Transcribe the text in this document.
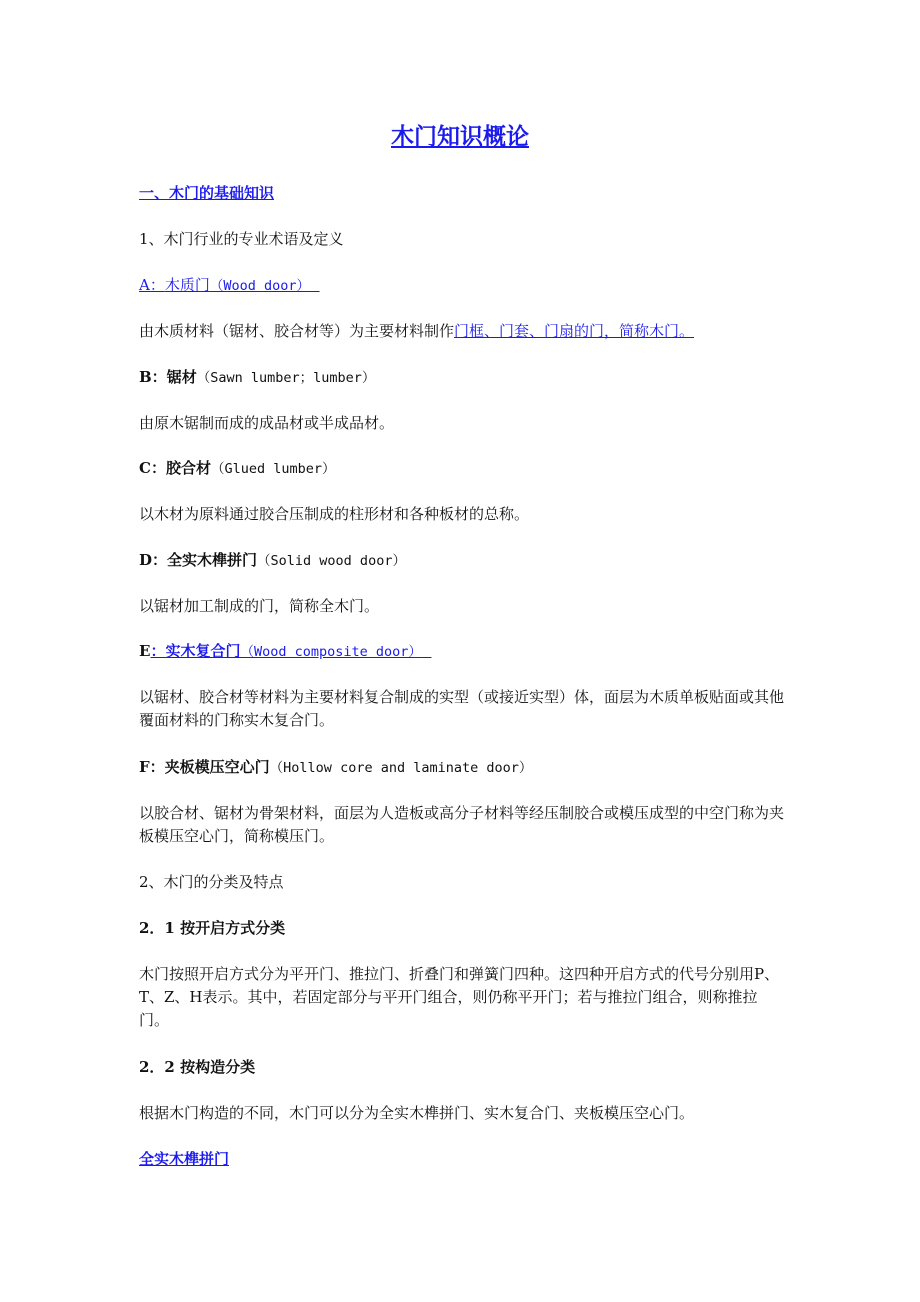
木门知识概论
一、木门的基础知识
1、木门行业的专业术语及定义
A：木质门（Wood door）
由木质材料（锯材、胶合材等）为主要材料制作门框、门套、门扇的门，简称木门。
B：锯材（Sawn lumber；lumber）
由原木锯制而成的成品材或半成品材。
C：胶合材（Glued lumber）
以木材为原料通过胶合压制成的柱形材和各种板材的总称。
D：全实木榫拼门（Solid wood door）
以锯材加工制成的门，简称全木门。
E：实木复合门（Wood composite door）
以锯材、胶合材等材料为主要材料复合制成的实型（或接近实型）体，面层为木质单板贴面或其他覆面材料的门称实木复合门。
F：夹板模压空心门（Hollow core and laminate door）
以胶合材、锯材为骨架材料，面层为人造板或高分子材料等经压制胶合或模压成型的中空门称为夹板模压空心门，简称模压门。
2、木门的分类及特点
2．1 按开启方式分类
木门按照开启方式分为平开门、推拉门、折叠门和弹簧门四种。这四种开启方式的代号分别用P、T、Z、H表示。其中，若固定部分与平开门组合，则仍称平开门；若与推拉门组合，则称推拉门。
2．2 按构造分类
根据木门构造的不同，木门可以分为全实木榫拼门、实木复合门、夹板模压空心门。
全实木榫拼门
